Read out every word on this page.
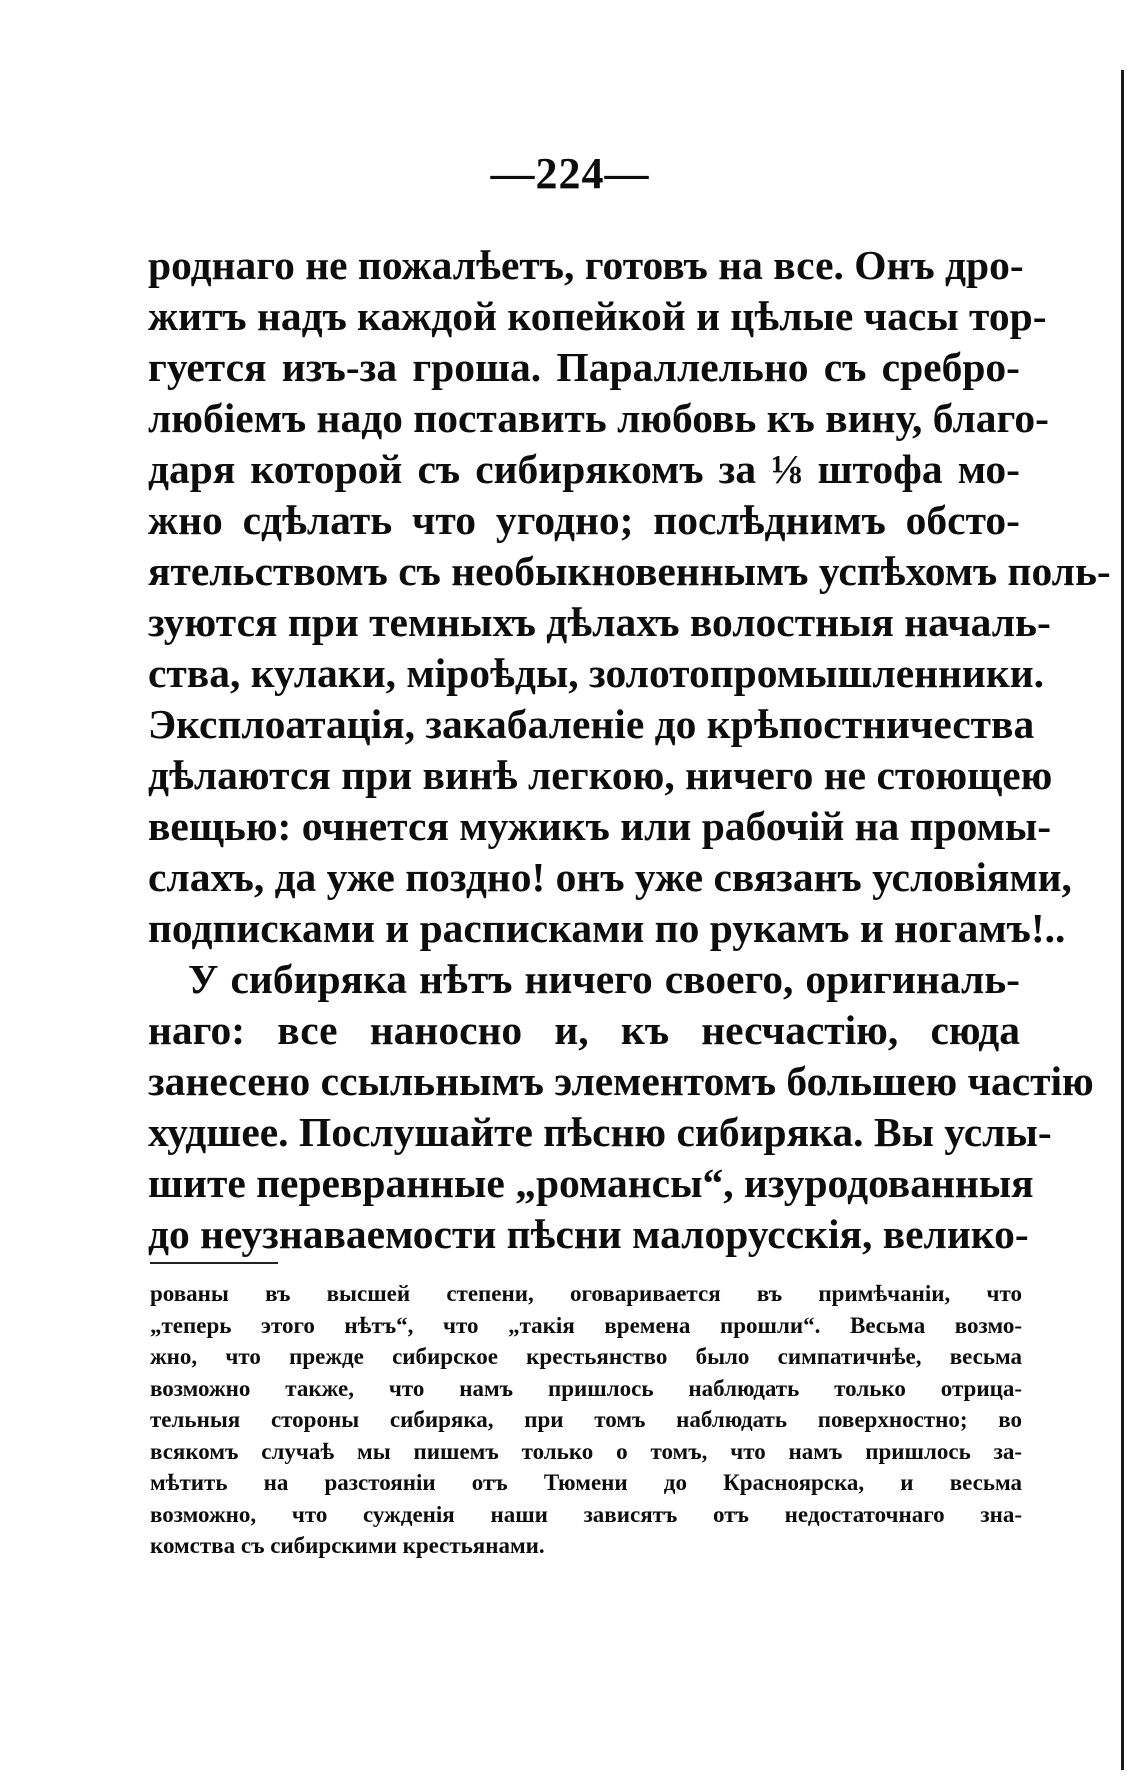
—224—
роднаго не пожалѣетъ, готовъ на все. Онъ дро-
житъ надъ каждой копейкой и цѣлые часы тор-
гуется изъ-за гроша. Параллельно съ сребро-
любіемъ надо поставить любовь къ вину, благо-
даря которой съ сибирякомъ за ⅛ штофа мо-
жно сдѣлать что угодно; послѣднимъ обсто-
ятельствомъ съ необыкновеннымъ успѣхомъ поль-
зуются при темныхъ дѣлахъ волостныя началь-
ства, кулаки, міроѣды, золотопромышленники.
Эксплоатація, закабаленіе до крѣпостничества
дѣлаются при винѣ легкою, ничего не стоющею
вещью: очнется мужикъ или рабочій на промы-
слахъ, да уже поздно! онъ уже связанъ условіями,
подписками и расписками по рукамъ и ногамъ!..
У сибиряка нѣтъ ничего своего, оригиналь-
наго: все наносно и, къ несчастію, сюда
занесено ссыльнымъ элементомъ большею частію
худшее. Послушайте пѣсню сибиряка. Вы услы-
шите перевранные „романсы“, изуродованныя
до неузнаваемости пѣсни малорусскія, велико-
рованы въ высшей степени, оговаривается въ примѣчаніи, что
„теперь этого нѣтъ“, что „такія времена прошли“. Весьма возмо-
жно, что прежде сибирское крестьянство было симпатичнѣе, весьма
возможно также, что намъ пришлось наблюдать только отрица-
тельныя стороны сибиряка, при томъ наблюдать поверхностно; во
всякомъ случаѣ мы пишемъ только о томъ, что намъ пришлось за-
мѣтить на разстояніи отъ Тюмени до Красноярска, и весьма
возможно, что сужденія наши зависятъ отъ недостаточнаго зна-
комства съ сибирскими крестьянами.
